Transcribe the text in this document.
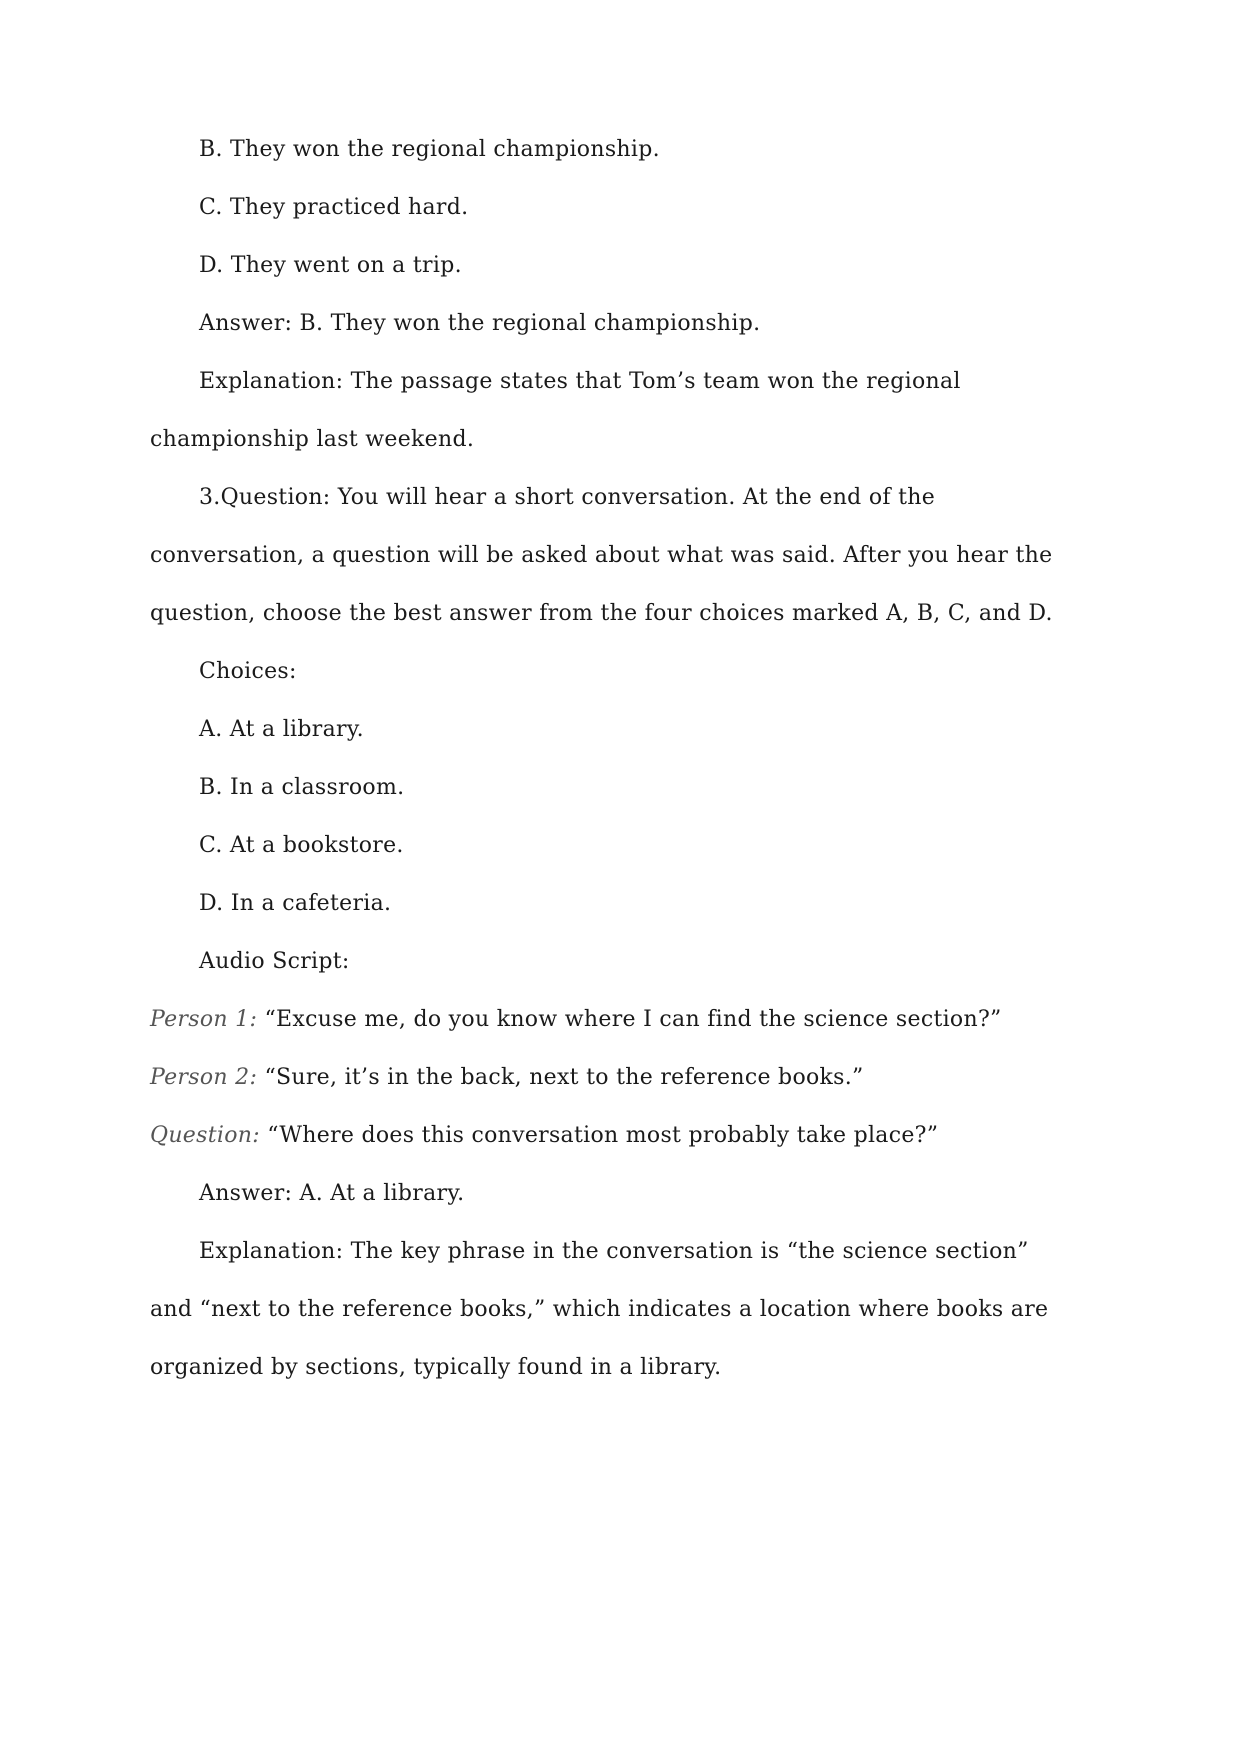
B. They won the regional championship.
C. They practiced hard.
D. They went on a trip.
Answer: B. They won the regional championship.
Explanation: The passage states that Tom’s team won the regional
championship last weekend.
3.Question: You will hear a short conversation. At the end of the
conversation, a question will be asked about what was said. After you hear the
question, choose the best answer from the four choices marked A, B, C, and D.
Choices:
A. At a library.
B. In a classroom.
C. At a bookstore.
D. In a cafeteria.
Audio Script:
Person 1: “Excuse me, do you know where I can find the science section?”
Person 2: “Sure, it’s in the back, next to the reference books.”
Question: “Where does this conversation most probably take place?”
Answer: A. At a library.
Explanation: The key phrase in the conversation is “the science section”
and “next to the reference books,” which indicates a location where books are
organized by sections, typically found in a library.
